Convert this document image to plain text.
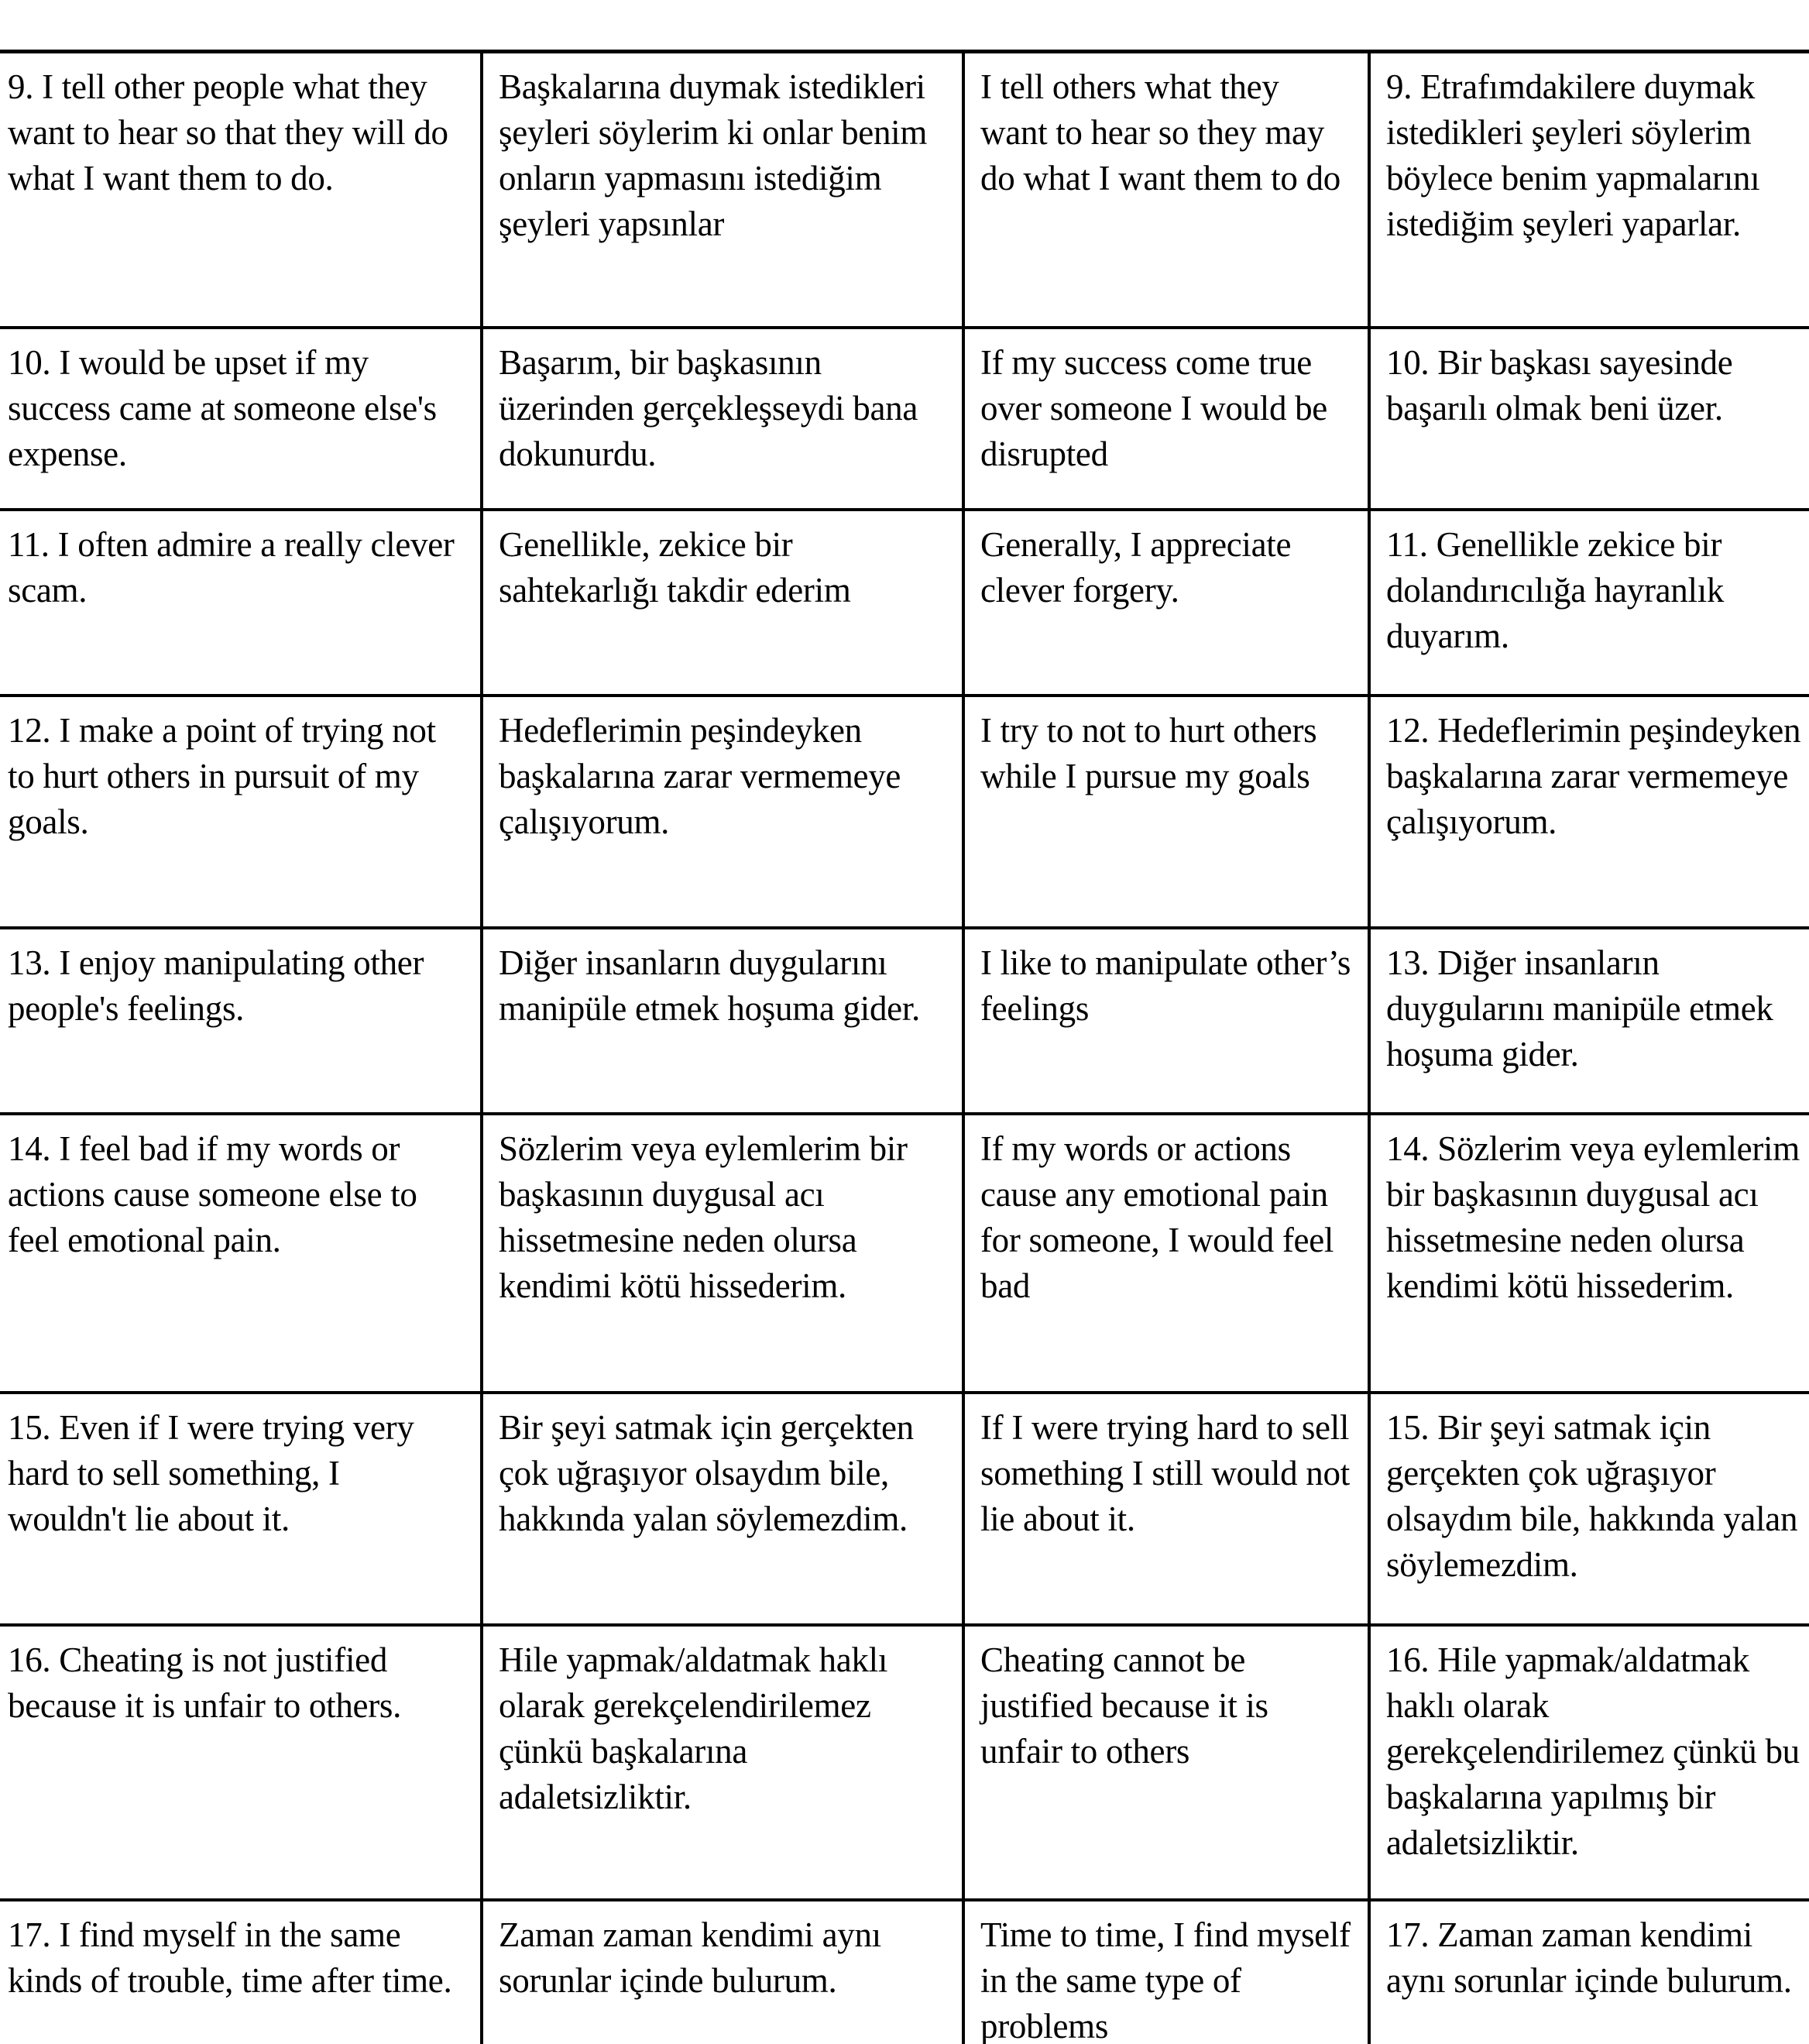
9. I tell other people what they want to hear so that they will do what I want them to do.	Başkalarına duymak istedikleri şeyleri söylerim ki onlar benim onların yapmasını istediğim şeyleri yapsınlar	I tell others what they want to hear so they may do what I want them to do	9. Etrafımdakilere duymak istedikleri şeyleri söylerim böylece benim yapmalarını istediğim şeyleri yaparlar.

10. I would be upset if my success came at someone else's expense.	Başarım, bir başkasının üzerinden gerçekleşseydi bana dokunurdu.	If my success come true over someone I would be disrupted	10. Bir başkası sayesinde başarılı olmak beni üzer.

11. I often admire a really clever scam.	Genellikle, zekice bir sahtekarlığı takdir ederim	Generally, I appreciate clever forgery.	11. Genellikle zekice bir dolandırıcılığa hayranlık duyarım.

12. I make a point of trying not to hurt others in pursuit of my goals.	Hedeflerimin peşindeyken başkalarına zarar vermemeye çalışıyorum.	I try to not to hurt others while I pursue my goals	12. Hedeflerimin peşindeyken başkalarına zarar vermemeye çalışıyorum.

13. I enjoy manipulating other people's feelings.	Diğer insanların duygularını manipüle etmek hoşuma gider.	I like to manipulate other’s feelings	13. Diğer insanların duygularını manipüle etmek hoşuma gider.

14. I feel bad if my words or actions cause someone else to feel emotional pain.	Sözlerim veya eylemlerim bir başkasının duygusal acı hissetmesine neden olursa kendimi kötü hissederim.	If my words or actions cause any emotional pain for someone, I would feel bad	14. Sözlerim veya eylemlerim bir başkasının duygusal acı hissetmesine neden olursa kendimi kötü hissederim.

15. Even if I were trying very hard to sell something, I wouldn't lie about it.	Bir şeyi satmak için gerçekten çok uğraşıyor olsaydım bile, hakkında yalan söylemezdim.	If I were trying hard to sell something I still would not lie about it.	15. Bir şeyi satmak için gerçekten çok uğraşıyor olsaydım bile, hakkında yalan söylemezdim.

16. Cheating is not justified because it is unfair to others.	Hile yapmak/aldatmak haklı olarak gerekçelendirilemez çünkü başkalarına adaletsizliktir.	Cheating cannot be justified because it is unfair to others	16. Hile yapmak/aldatmak haklı olarak gerekçelendirilemez çünkü bu başkalarına yapılmış bir adaletsizliktir.

17. I find myself in the same kinds of trouble, time after time.	Zaman zaman kendimi aynı sorunlar içinde bulurum.	Time to time, I find myself in the same type of problems	17. Zaman zaman kendimi aynı sorunlar içinde bulurum.
